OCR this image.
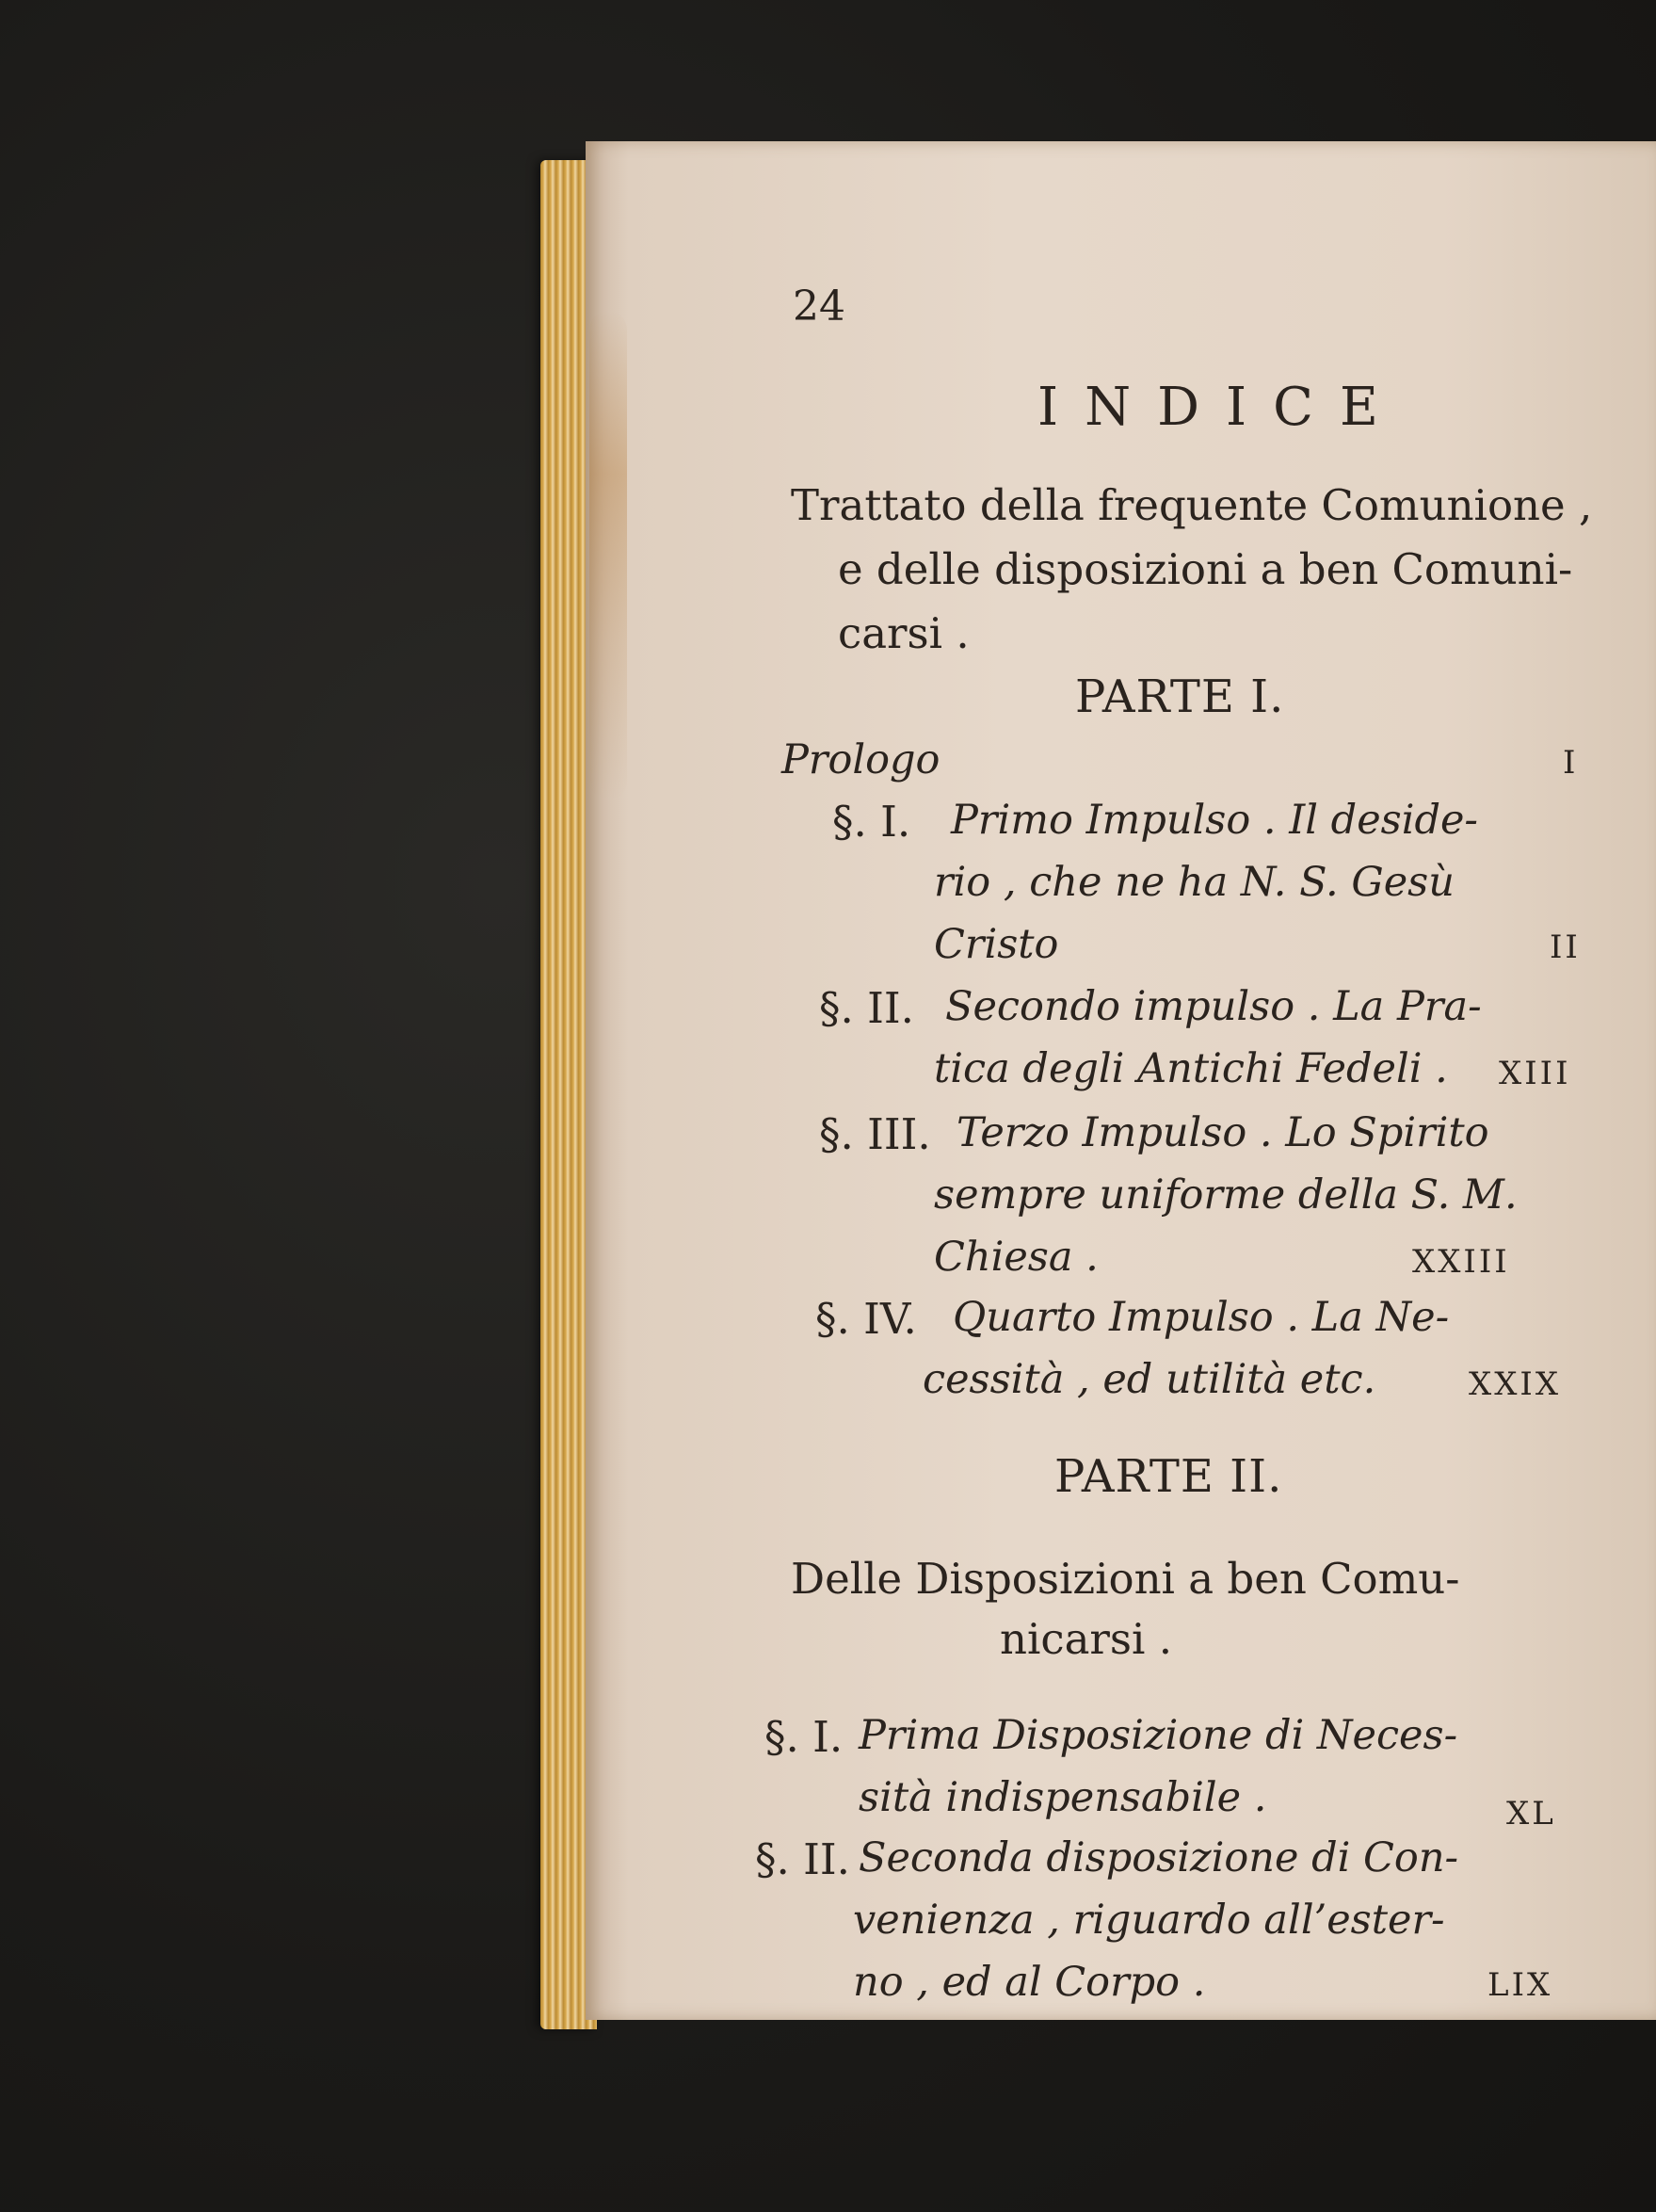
24
INDICE
Trattato della frequente Comunione ,
e delle disposizioni a ben Comuni-
carsi .
PARTE I.
Prologo	I
§. I. Primo Impulso . Il deside-
rio , che ne ha N. S. Gesù
Cristo	II
§. II. Secondo impulso . La Pra-
tica degli Antichi Fedeli . XIII
§. III. Terzo Impulso . Lo Spirito
sempre uniforme della S. M.
Chiesa .	XXIII
§. IV. Quarto Impulso . La Ne-
cessità , ed utilità etc.	XXIX
PARTE II.
Delle Disposizioni a ben Comu-
nicarsi .
§. I. Prima Disposizione di Neces-
sità indispensabile .	XL
§. II. Seconda disposizione di Con-
venienza , riguardo all’ester-
no , ed al Corpo .	LIX
